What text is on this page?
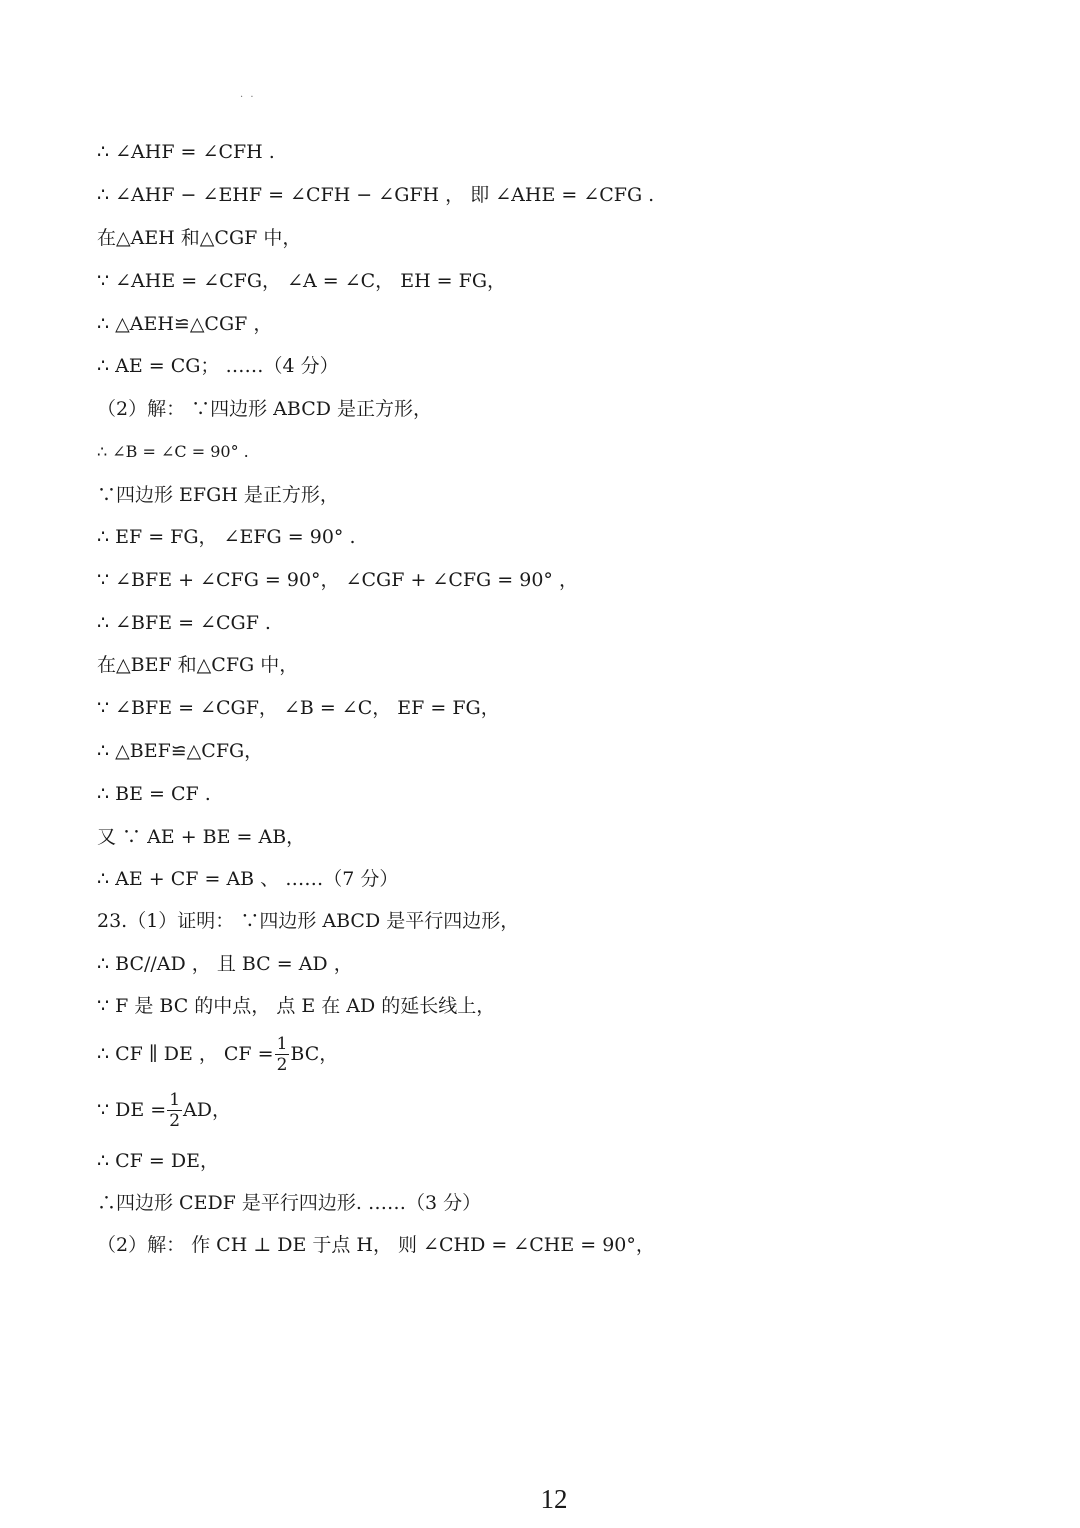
· ·
∴ ∠AHF = ∠CFH .
∴ ∠AHF − ∠EHF = ∠CFH − ∠GFH ， 即 ∠AHE = ∠CFG .
在△AEH 和△CGF 中，
∵ ∠AHE = ∠CFG， ∠A = ∠C， EH = FG，
∴ △AEH≌△CGF ，
∴ AE = CG； ……（4 分）
（2）解： ∵四边形 ABCD 是正方形，
∴ ∠B = ∠C = 90° .
∵四边形 EFGH 是正方形，
∴ EF = FG， ∠EFG = 90° .
∵ ∠BFE + ∠CFG = 90°， ∠CGF + ∠CFG = 90° ，
∴ ∠BFE = ∠CGF .
在△BEF 和△CFG 中，
∵ ∠BFE = ∠CGF， ∠B = ∠C， EF = FG，
∴ △BEF≌△CFG，
∴ BE = CF .
又 ∵ AE + BE = AB，
∴ AE + CF = AB 、 ……（7 分）
23.（1）证明： ∵四边形 ABCD 是平行四边形，
∴ BC//AD ， 且 BC = AD ，
∵ F 是 BC 的中点， 点 E 在 AD 的延长线上，
∴ CF ∥ DE ， CF = $\frac{1}{2}$ BC，
∵ DE = $\frac{1}{2}$ AD，
∴ CF = DE，
∴四边形 CEDF 是平行四边形. ……（3 分）
（2）解： 作 CH ⊥ DE 于点 H， 则 ∠CHD = ∠CHE = 90°，
12
